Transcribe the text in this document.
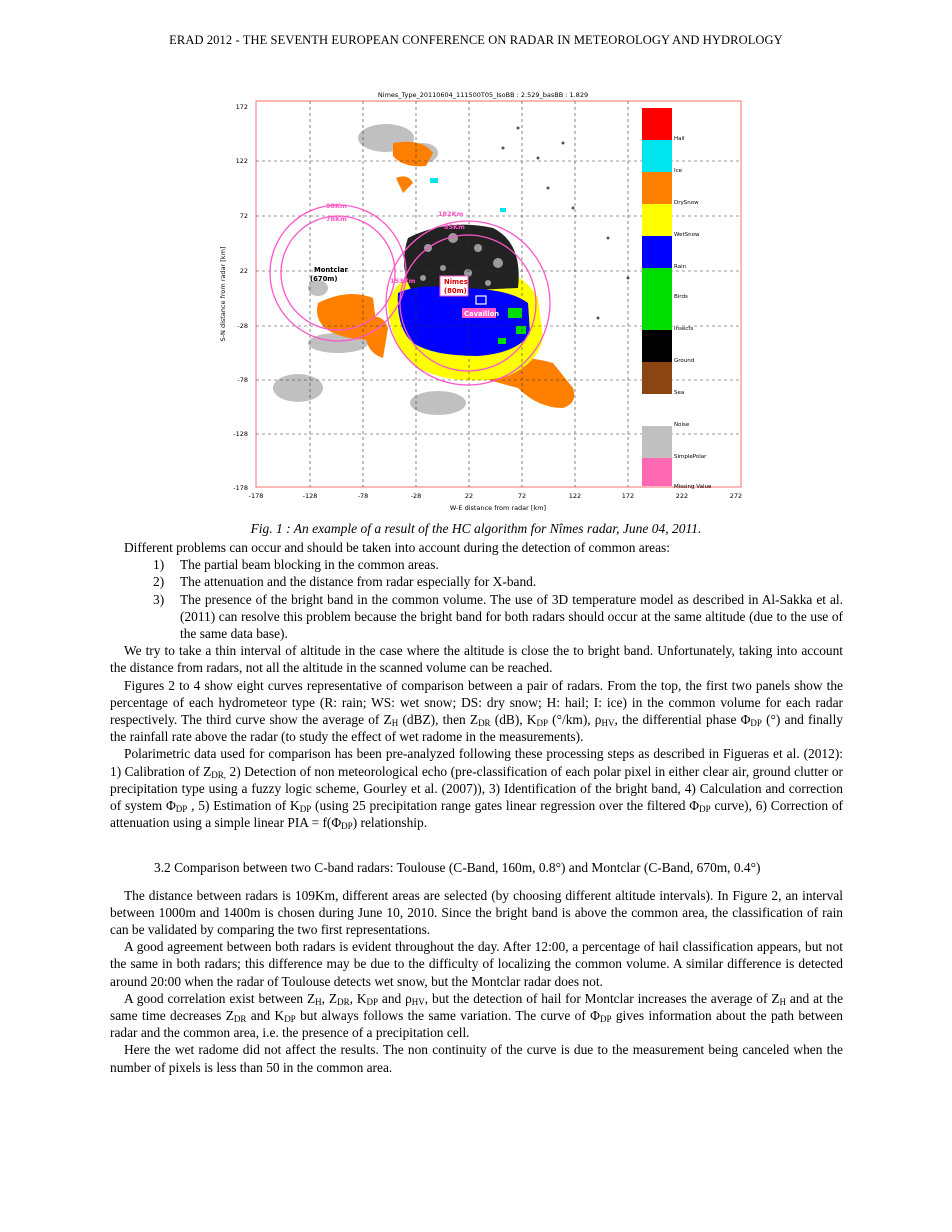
ERAD 2012 - THE SEVENTH EUROPEAN CONFERENCE ON RADAR IN METEOROLOGY AND HYDROLOGY
Nimes_Type_20110604_111500T05_IsoBB : 2.529_basBB : 1.829
98Km
78Km
182Km
85Km
153Km
Montclar
(670m)	Nimes
(80m)
Cavaillon
172
122
72
22
-28
-78
-128
-178
S-N distance from radar [km]
-178	-128	-78	-28	22	72	122	172	222	272
W-E distance from radar [km]
Hail
Ice
DrySnow
WetSnow
Rain
Birds
Insects
Ground
Sea
Noise
SimplePolar
Missing Value
Fig. 1 : An example of a result of the HC algorithm for Nîmes radar, June 04, 2011.

Different problems can occur and should be taken into account during the detection of common areas:

1) The partial beam blocking in the common areas.
2) The attenuation and the distance from radar especially for X-band.
3) The presence of the bright band in the common volume. The use of 3D temperature model as described in Al-Sakka et al. (2011) can resolve this problem because the bright band for both radars should occur at the same altitude (due to the use of the same data base).

We try to take a thin interval of altitude in the case where the altitude is close the to bright band. Unfortunately, taking into account the distance from radars, not all the altitude in the scanned volume can be reached.

Figures 2 to 4 show eight curves representative of comparison between a pair of radars. From the top, the first two panels show the percentage of each hydrometeor type (R: rain; WS: wet snow; DS: dry snow; H: hail; I: ice) in the common volume for each radar respectively. The third curve show the average of $Z_H$ (dBZ), then $Z_{DR}$ (dB), $K_{DP}$ (°/km), $\rho_{HV}$, the differential phase $\Phi_{DP}$ (°) and finally the rainfall rate above the radar (to study the effect of wet radome in the measurements).

Polarimetric data used for comparison has been pre-analyzed following these processing steps as described in Figueras et al. (2012): 1) Calibration of $Z_{DR,}$ 2) Detection of non meteorological echo (pre-classification of each polar pixel in either clear air, ground clutter or precipitation type using a fuzzy logic scheme, Gourley et al. (2007)), 3) Identification of the bright band, 4) Calculation and correction of system $\Phi_{DP}$ , 5) Estimation of $K_{DP}$ (using 25 precipitation range gates linear regression over the filtered $\Phi_{DP}$ curve), 6) Correction of attenuation using a simple linear PIA = $f(\Phi_{DP})$ relationship.

3.2 Comparison between two C-band radars: Toulouse (C-Band, 160m, 0.8°) and Montclar (C-Band, 670m, 0.4°)

The distance between radars is 109Km, different areas are selected (by choosing different altitude intervals). In Figure 2, an interval between 1000m and 1400m is chosen during June 10, 2010. Since the bright band is above the common area, the classification of rain can be validated by comparing the two first representations.

A good agreement between both radars is evident throughout the day. After 12:00, a percentage of hail classification appears, but not the same in both radars; this difference may be due to the difficulty of localizing the common volume. A similar difference is detected around 20:00 when the radar of Toulouse detects wet snow, but the Montclar radar does not.

A good correlation exist between $Z_H$, $Z_{DR}$, $K_{DP}$ and $\rho_{HV}$, but the detection of hail for Montclar increases the average of $Z_H$ and at the same time decreases $Z_{DR}$ and $K_{DP}$ but always follows the same variation. The curve of $\Phi_{DP}$ gives information about the path between radar and the common area, i.e. the presence of a precipitation cell.

Here the wet radome did not affect the results. The non continuity of the curve is due to the measurement being canceled when the number of pixels is less than 50 in the common area.
